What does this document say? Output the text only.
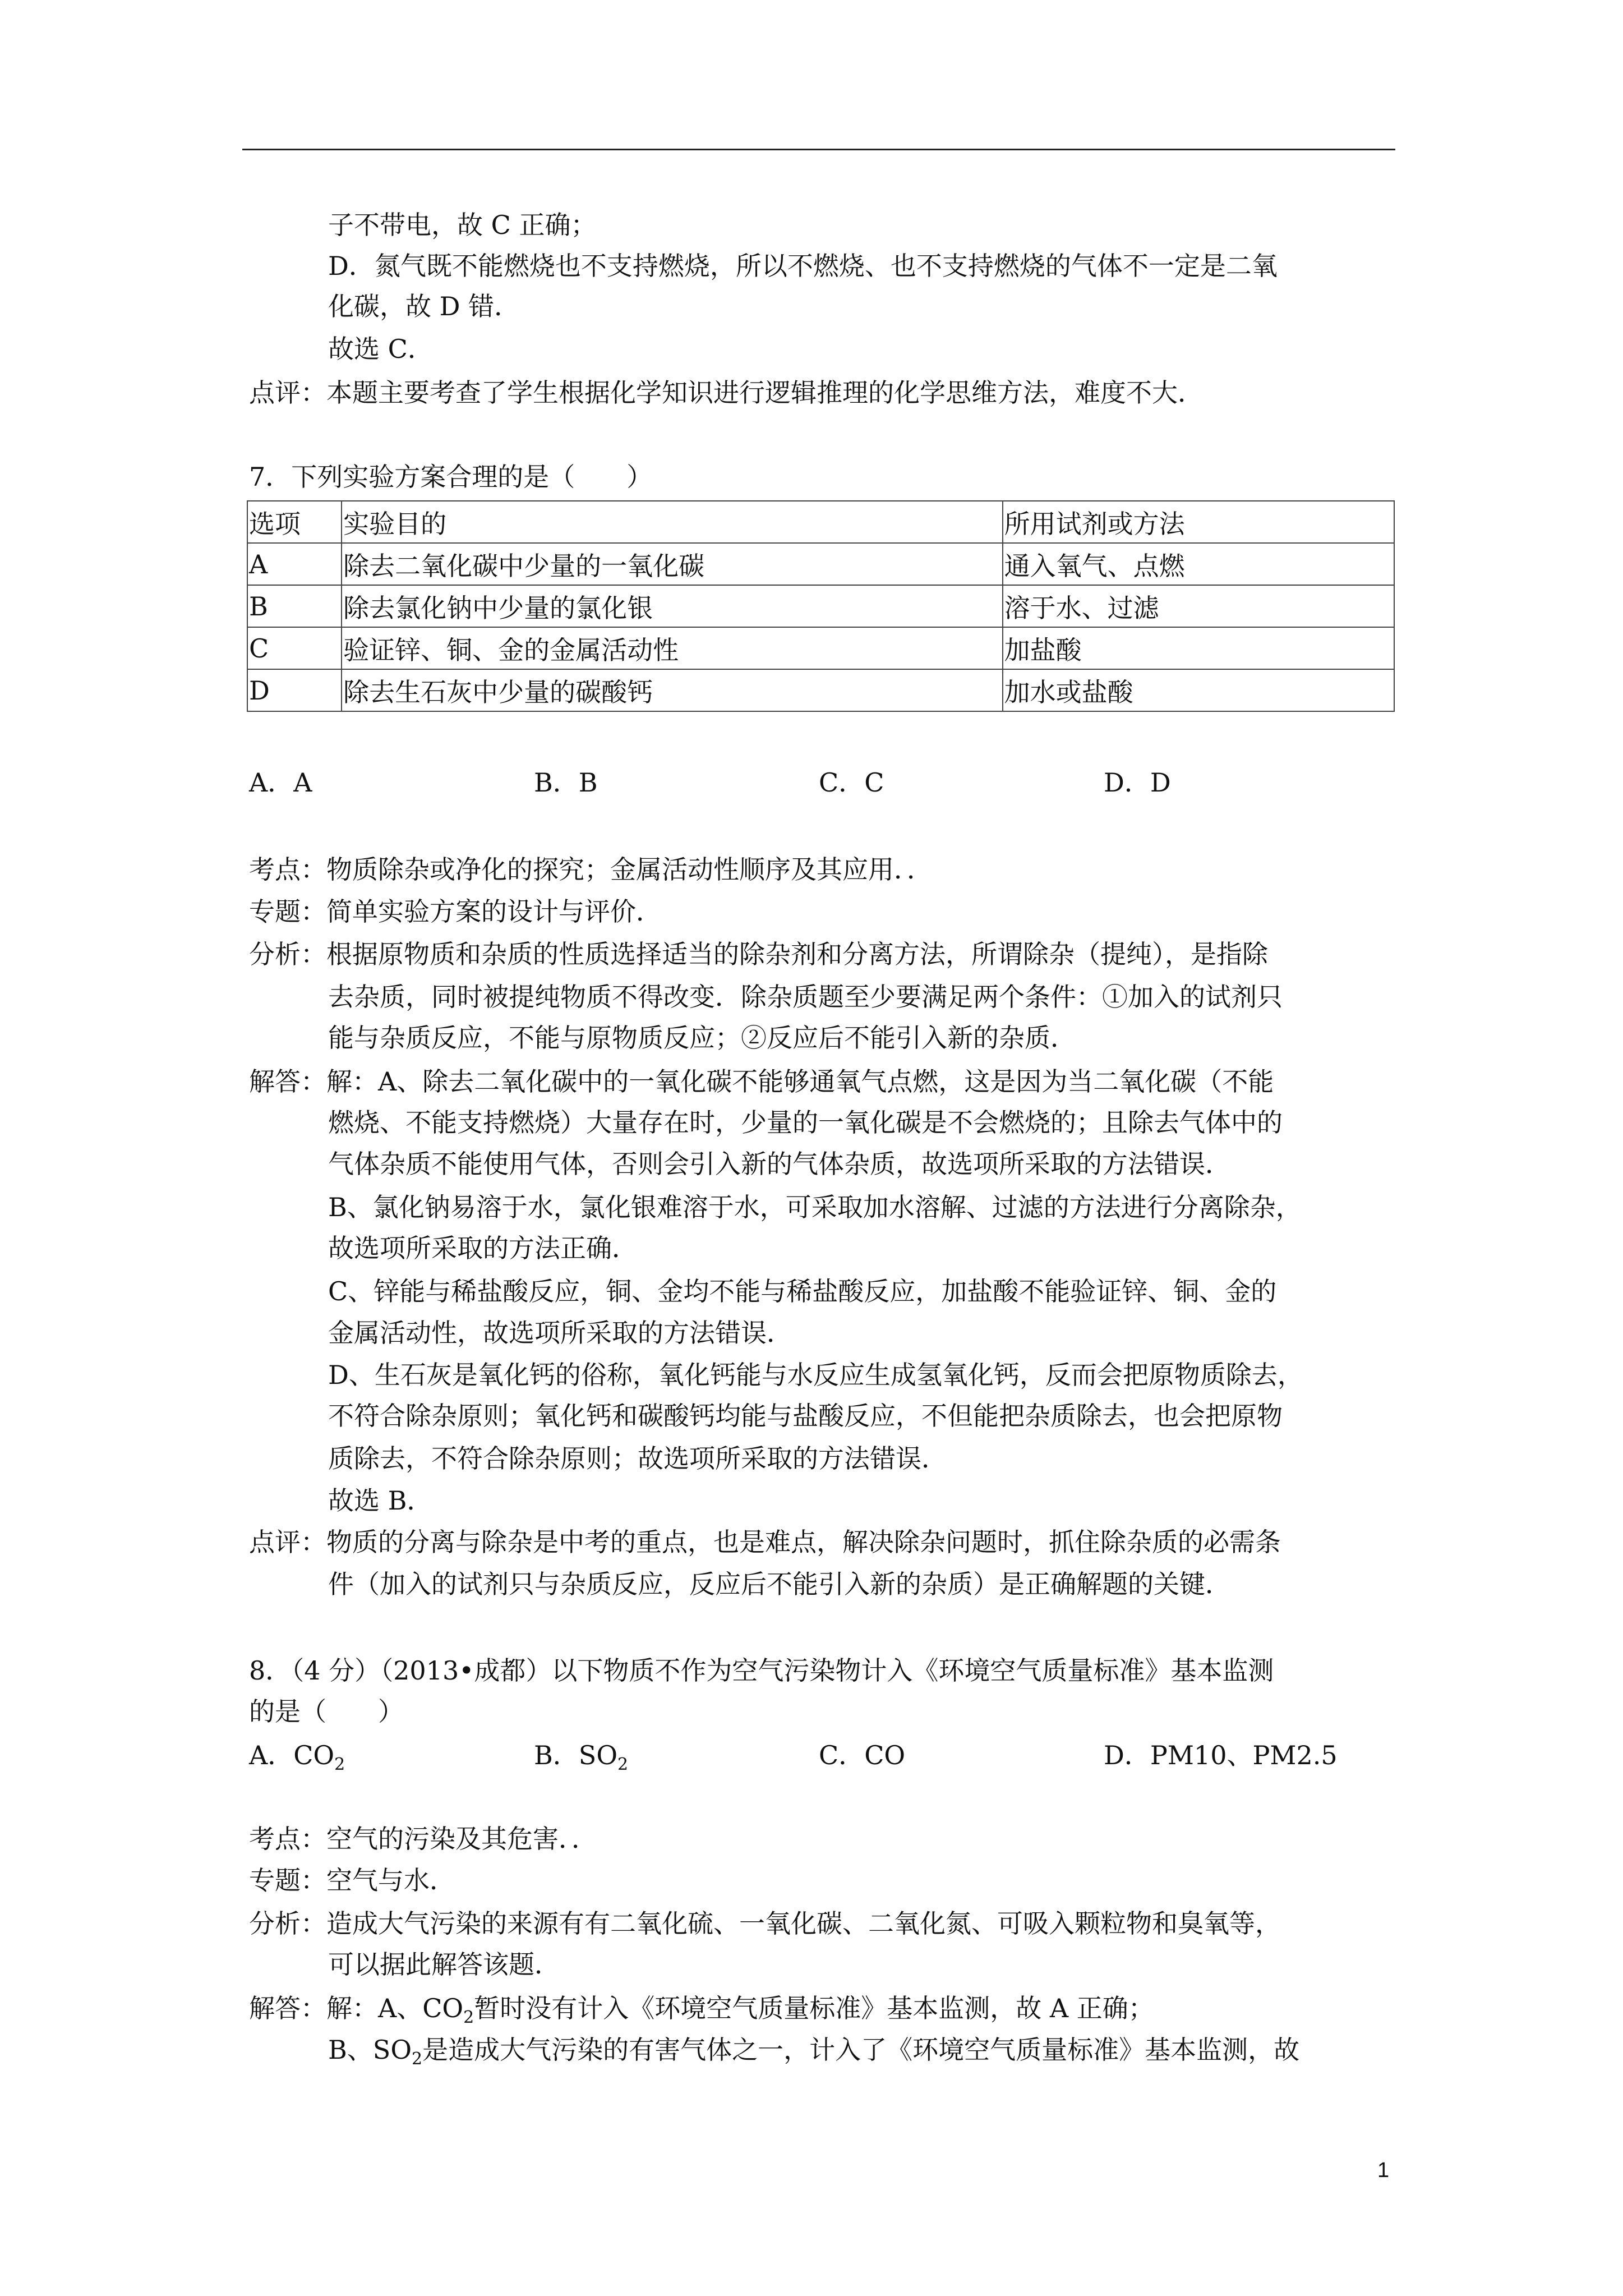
子不带电，故 C 正确；
D．氮气既不能燃烧也不支持燃烧，所以不燃烧、也不支持燃烧的气体不一定是二氧
化碳，故 D 错．
故选 C．
点评：本题主要考查了学生根据化学知识进行逻辑推理的化学思维方法，难度不大．
7．下列实验方案合理的是（　　）
选项	实验目的	所用试剂或方法
A	除去二氧化碳中少量的一氧化碳	通入氧气、点燃
B	除去氯化钠中少量的氯化银	溶于水、过滤
C	验证锌、铜、金的金属活动性	加盐酸
D	除去生石灰中少量的碳酸钙	加水或盐酸
A．A	B．B	C．C	D．D
考点：物质除杂或净化的探究；金属活动性顺序及其应用．．
专题：简单实验方案的设计与评价．
分析：根据原物质和杂质的性质选择适当的除杂剂和分离方法，所谓除杂（提纯），是指除
去杂质，同时被提纯物质不得改变．除杂质题至少要满足两个条件：①加入的试剂只
能与杂质反应，不能与原物质反应；②反应后不能引入新的杂质．
解答：解：A、除去二氧化碳中的一氧化碳不能够通氧气点燃，这是因为当二氧化碳（不能
燃烧、不能支持燃烧）大量存在时，少量的一氧化碳是不会燃烧的；且除去气体中的
气体杂质不能使用气体，否则会引入新的气体杂质，故选项所采取的方法错误．
B、氯化钠易溶于水，氯化银难溶于水，可采取加水溶解、过滤的方法进行分离除杂，
故选项所采取的方法正确．
C、锌能与稀盐酸反应，铜、金均不能与稀盐酸反应，加盐酸不能验证锌、铜、金的
金属活动性，故选项所采取的方法错误．
D、生石灰是氧化钙的俗称，氧化钙能与水反应生成氢氧化钙，反而会把原物质除去，
不符合除杂原则；氧化钙和碳酸钙均能与盐酸反应，不但能把杂质除去，也会把原物
质除去，不符合除杂原则；故选项所采取的方法错误．
故选 B．
点评：物质的分离与除杂是中考的重点，也是难点，解决除杂问题时，抓住除杂质的必需条
件（加入的试剂只与杂质反应，反应后不能引入新的杂质）是正确解题的关键．
8．（4 分）（2013•成都）以下物质不作为空气污染物计入《环境空气质量标准》基本监测
的是（　　）
A．$CO_2$	B．$SO_2$	C．CO	D．PM10、PM2.5
考点：空气的污染及其危害．．
专题：空气与水．
分析：造成大气污染的来源有有二氧化硫、一氧化碳、二氧化氮、可吸入颗粒物和臭氧等，
可以据此解答该题．
解答：解：A、$CO_2$暂时没有计入《环境空气质量标准》基本监测，故 A 正确；
B、$SO_2$是造成大气污染的有害气体之一，计入了《环境空气质量标准》基本监测，故
1
